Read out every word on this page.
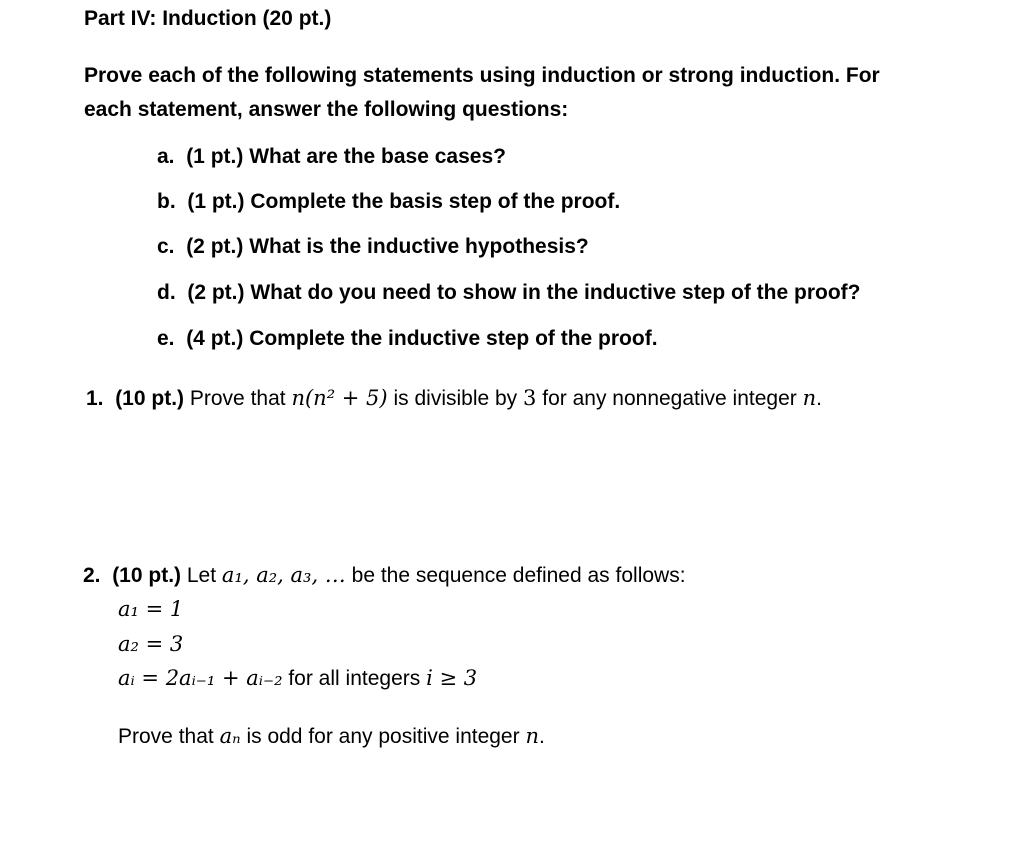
Part IV: Induction (20 pt.)
Prove each of the following statements using induction or strong induction. For
each statement, answer the following questions:
a. (1 pt.) What are the base cases?
b. (1 pt.) Complete the basis step of the proof.
c. (2 pt.) What is the inductive hypothesis?
d. (2 pt.) What do you need to show in the inductive step of the proof?
e. (4 pt.) Complete the inductive step of the proof.
1. (10 pt.) Prove that n(n² + 5) is divisible by 3 for any nonnegative integer n.
2. (10 pt.) Let a₁, a₂, a₃, … be the sequence defined as follows:
a₁ = 1
a₂ = 3
aᵢ = 2aᵢ₋₁ + aᵢ₋₂ for all integers i ≥ 3
Prove that aₙ is odd for any positive integer n.
